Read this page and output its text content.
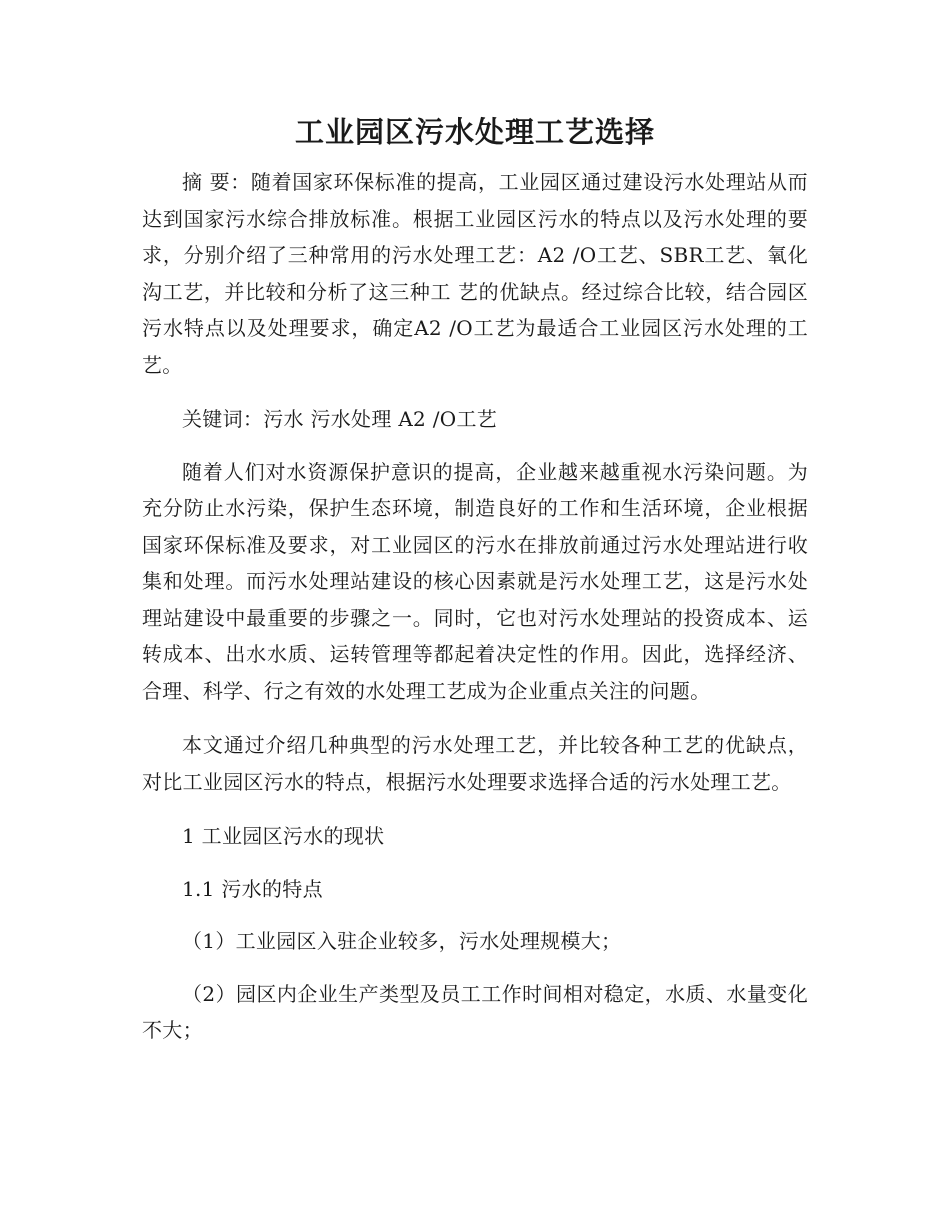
工业园区污水处理工艺选择

摘 要：随着国家环保标准的提高，工业园区通过建设污水处理站从而达到国家污水综合排放标准。根据工业园区污水的特点以及污水处理的要求，分别介绍了三种常用的污水处理工艺：A2 /O工艺、SBR工艺、氧化沟工艺，并比较和分析了这三种工 艺的优缺点。经过综合比较，结合园区污水特点以及处理要求，确定A2 /O工艺为最适合工业园区污水处理的工艺。

关键词：污水 污水处理 A2 /O工艺

随着人们对水资源保护意识的提高，企业越来越重视水污染问题。为充分防止水污染，保护生态环境，制造良好的工作和生活环境，企业根据国家环保标准及要求，对工业园区的污水在排放前通过污水处理站进行收集和处理。而污水处理站建设的核心因素就是污水处理工艺，这是污水处理站建设中最重要的步骤之一。同时，它也对污水处理站的投资成本、运转成本、出水水质、运转管理等都起着决定性的作用。因此，选择经济、合理、科学、行之有效的水处理工艺成为企业重点关注的问题。

本文通过介绍几种典型的污水处理工艺，并比较各种工艺的优缺点，对比工业园区污水的特点，根据污水处理要求选择合适的污水处理工艺。

1 工业园区污水的现状

1.1 污水的特点

（1）工业园区入驻企业较多，污水处理规模大；

（2）园区内企业生产类型及员工工作时间相对稳定，水质、水量变化不大；
